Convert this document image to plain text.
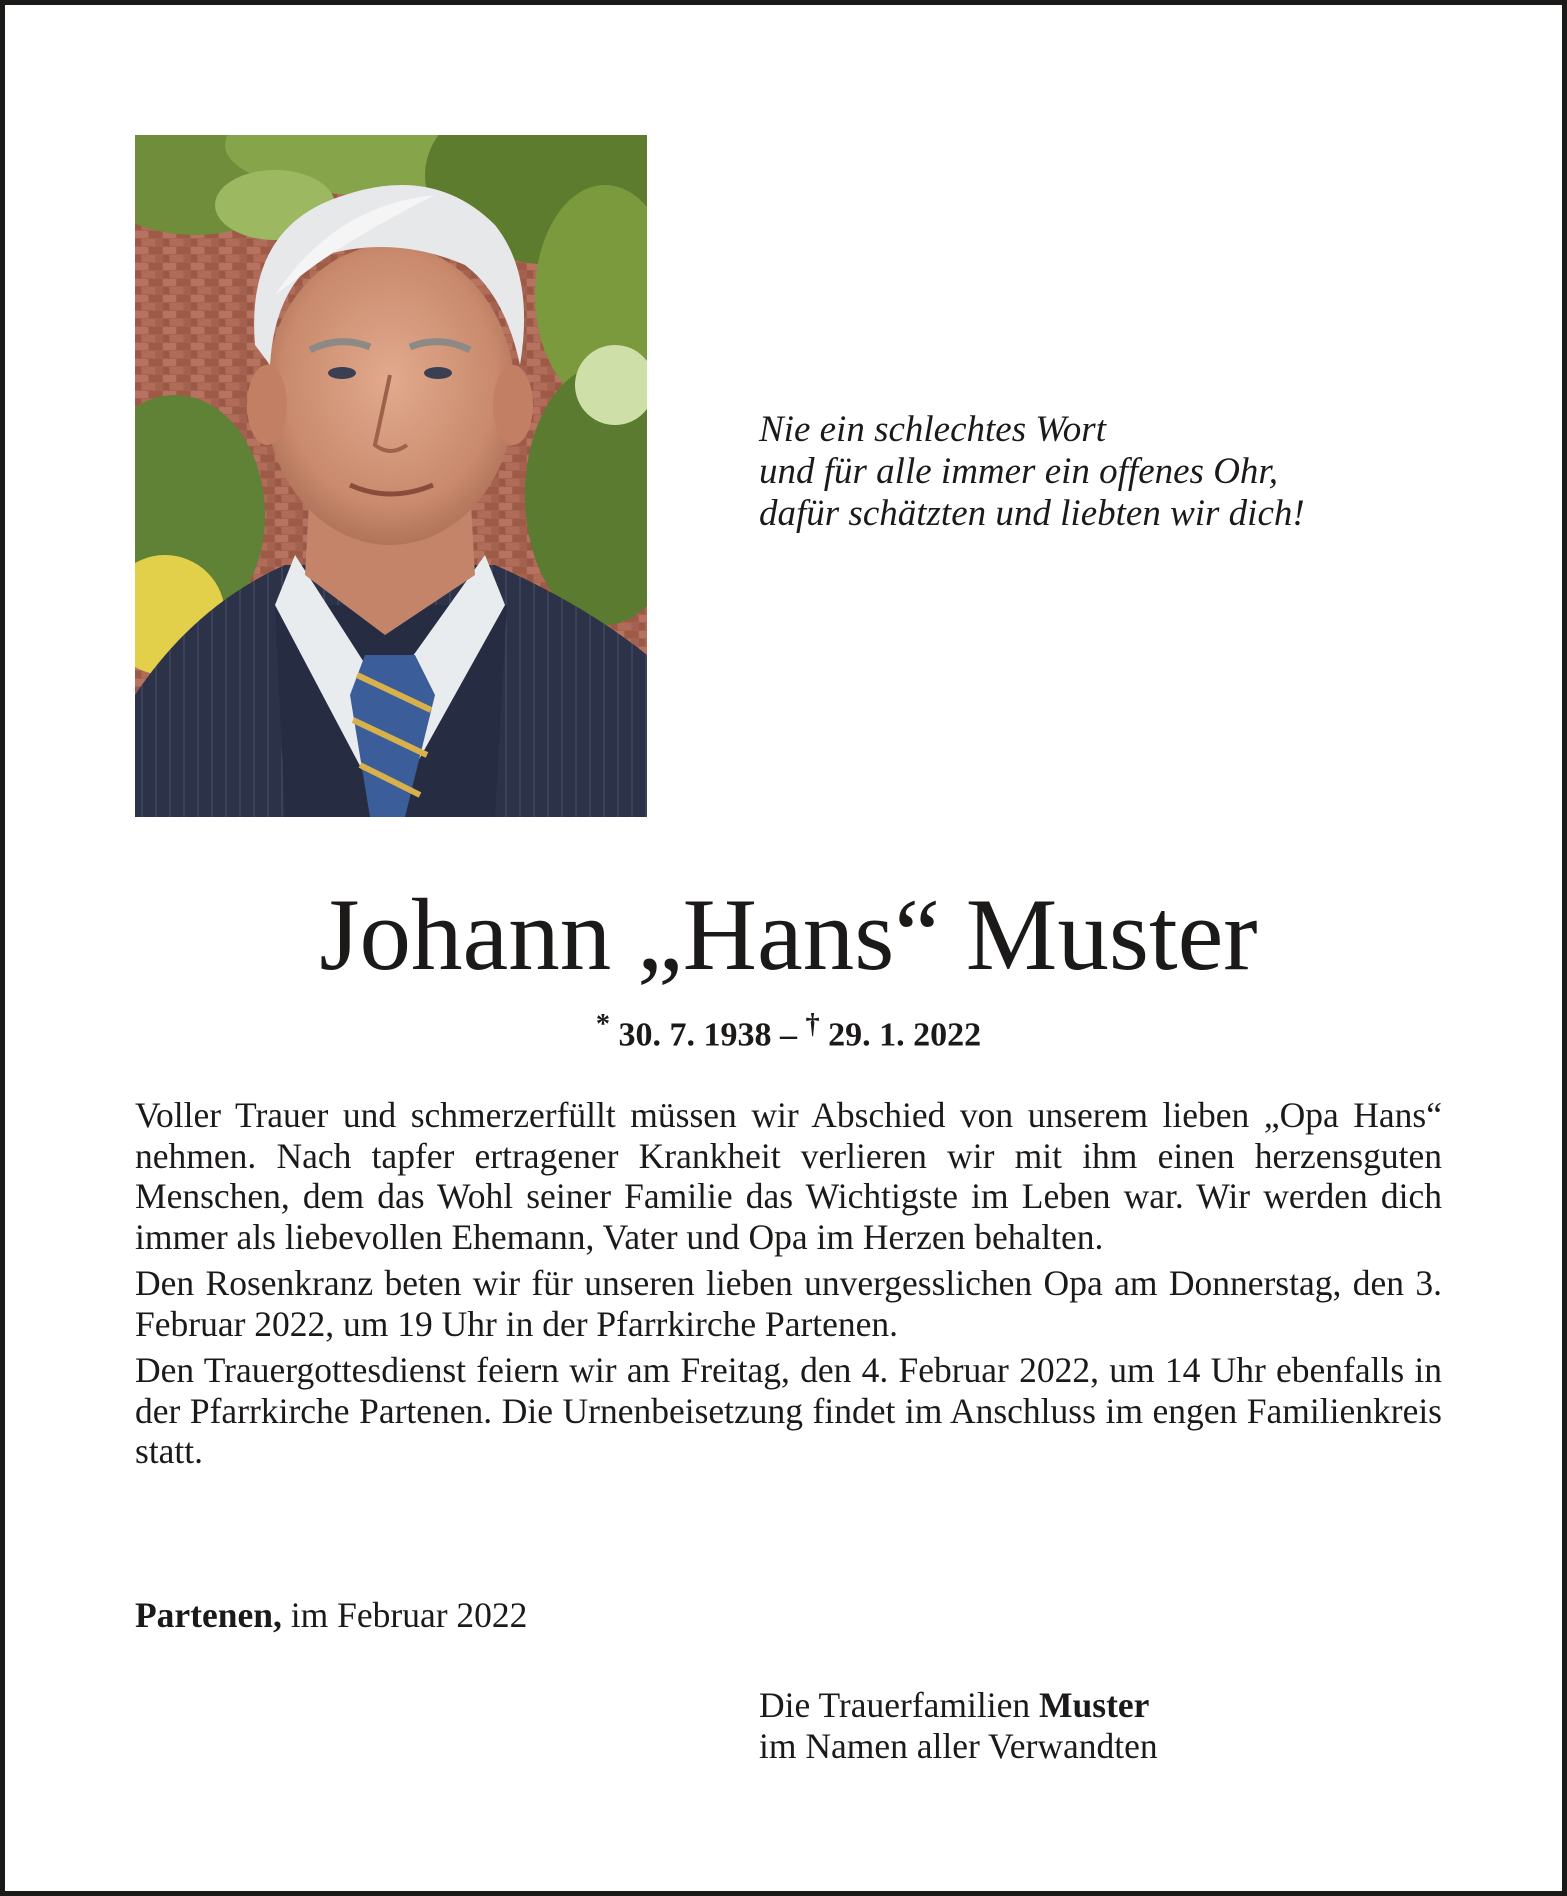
Nie ein schlechtes Wort
und für alle immer ein offenes Ohr,
dafür schätzten und liebten wir dich!
Johann „Hans“ Muster
* 30. 7. 1938 – † 29. 1. 2022

Voller Trauer und schmerzerfüllt müssen wir Abschied von unserem lieben „Opa Hans“ nehmen. Nach tapfer ertragener Krankheit verlieren wir mit ihm einen herzensguten Menschen, dem das Wohl seiner Familie das Wichtigste im Leben war. Wir werden dich immer als liebevollen Ehemann, Vater und Opa im Herzen behalten.

Den Rosenkranz beten wir für unseren lieben unvergesslichen Opa am Donnerstag, den 3. Februar 2022, um 19 Uhr in der Pfarrkirche Partenen.

Den Trauergottesdienst feiern wir am Freitag, den 4. Februar 2022, um 14 Uhr ebenfalls in der Pfarrkirche Partenen. Die Urnenbeisetzung findet im Anschluss im engen Familienkreis statt.

Partenen, im Februar 2022
Die Trauerfamilien Muster
im Namen aller Verwandten
